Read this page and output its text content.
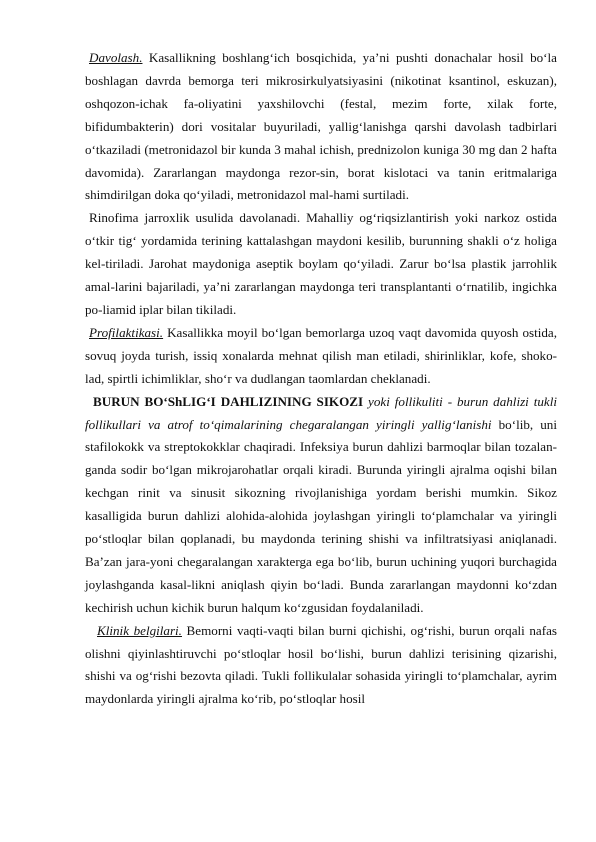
Davolash. Kasallikning boshlang‘ich bosqichida, ya’ni pushti donachalar hosil bo‘la boshlagan davrda bemorga teri mikrosirkulyatsiyasini (nikotinat ksantinol, eskuzan), oshqozon-ichak fa-oliyatini yaxshilovchi (festal, mezim forte, xilak forte, bifidumbakterin) dori vositalar buyuriladi, yallig‘lanishga qarshi davolash tadbirlari o‘tkaziladi (metronidazol bir kunda 3 mahal ichish, prednizolon kuniga 30 mg dan 2 hafta davomida). Zararlangan maydonga rezor-sin, borat kislotaci va tanin eritmalariga shimdirilgan doka qo‘yiladi, metronidazol mal-hami surtiladi.

Rinofima jarroxlik usulida davolanadi. Mahalliy og‘riqsizlantirish yoki narkoz ostida o‘tkir tig‘ yordamida terining kattalashgan maydoni kesilib, burunning shakli o‘z holiga kel-tiriladi. Jarohat maydoniga aseptik boylam qo‘yiladi. Zarur bo‘lsa plastik jarrohlik amal-larini bajariladi, ya’ni zararlangan maydonga teri transplantanti o‘rnatilib, ingichka po-liamid iplar bilan tikiladi.

Profilaktikasi. Kasallikka moyil bo‘lgan bemorlarga uzoq vaqt davomida quyosh ostida, sovuq joyda turish, issiq xonalarda mehnat qilish man etiladi, shirinliklar, kofe, shoko-lad, spirtli ichimliklar, sho‘r va dudlangan taomlardan cheklanadi.

BURUN BO‘ShLIG‘I DAHLIZINING SIKOZI yoki follikuliti - burun dahlizi tukli follikullari va atrof to‘qimalarining chegaralangan yiringli yallig‘lanishi bo‘lib, uni stafilokokk va streptokokklar chaqiradi. Infeksiya burun dahlizi barmoqlar bilan tozalan-ganda sodir bo‘lgan mikrojarohatlar orqali kiradi. Burunda yiringli ajralma oqishi bilan kechgan rinit va sinusit sikozning rivojlanishiga yordam berishi mumkin. Sikoz kasalligida burun dahlizi alohida-alohida joylashgan yiringli to‘plamchalar va yiringli po‘stloqlar bilan qoplanadi, bu maydonda terining shishi va infiltratsiyasi aniqlanadi. Ba’zan jara-yoni chegaralangan xarakterga ega bo‘lib, burun uchining yuqori burchagida joylashganda kasal-likni aniqlash qiyin bo‘ladi. Bunda zararlangan maydonni ko‘zdan kechirish uchun kichik burun halqum ko‘zgusidan foydalaniladi.

Klinik belgilari. Bemorni vaqti-vaqti bilan burni qichishi, og‘rishi, burun orqali nafas olishni qiyinlashtiruvchi po‘stloqlar hosil bo‘lishi, burun dahlizi terisining qizarishi, shishi va og‘rishi bezovta qiladi. Tukli follikulalar sohasida yiringli to‘plamchalar, ayrim maydonlarda yiringli ajralma ko‘rib, po‘stloqlar hosil
